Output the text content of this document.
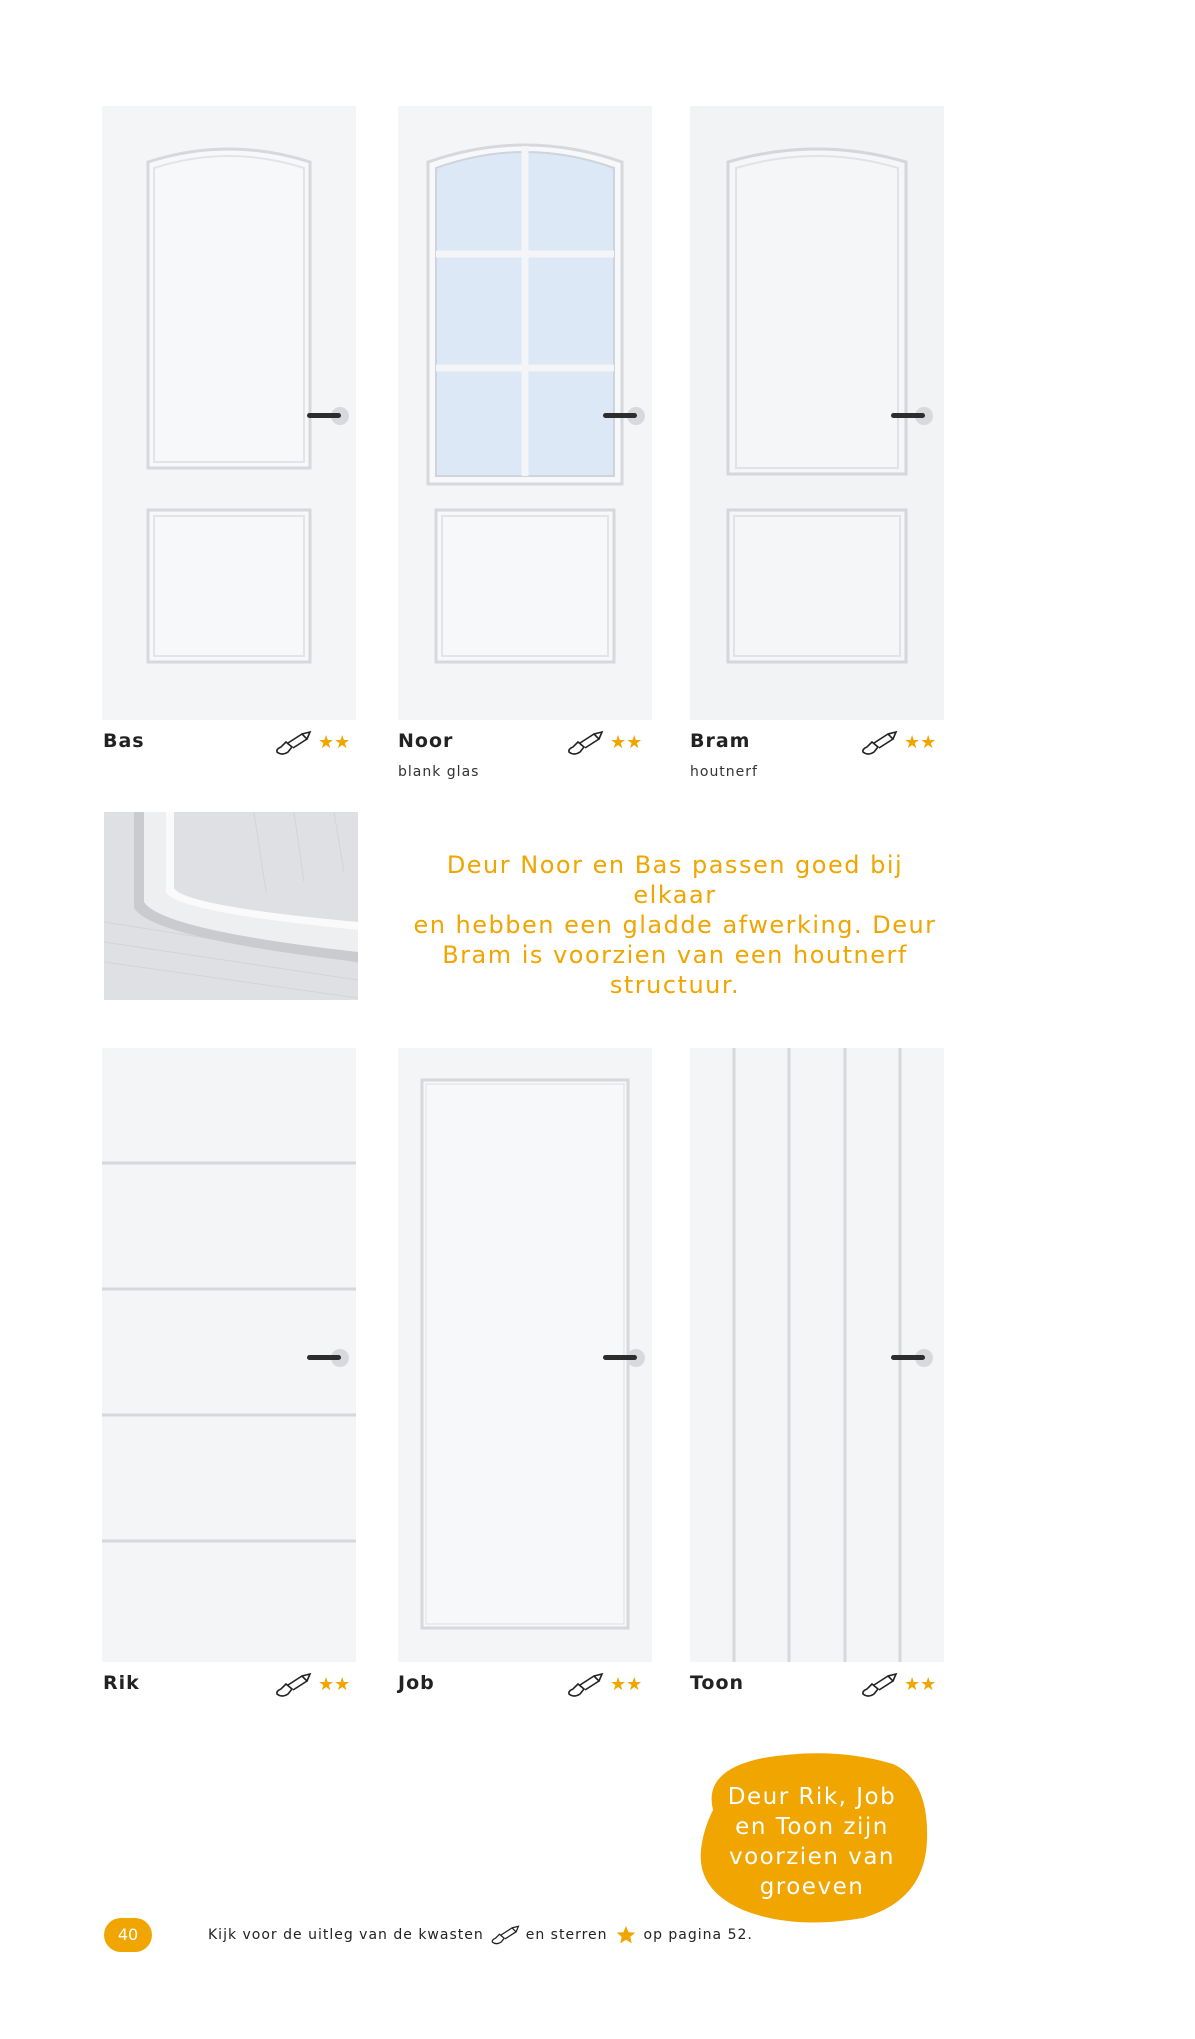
Bas	Noor
blank glas
Bram
houtnerf
★★	★★	★★
Deur Noor en Bas passen goed bij elkaar
en hebben een gladde afwerking. Deur
Bram is voorzien van een houtnerf
structuur.
Rik	Job	Toon
★★	★★	★★
Deur Rik, Job
en Toon zijn
voorzien van
groeven
40	Kijk voor de uitleg van de kwasten	en sterren	op pagina 52.
